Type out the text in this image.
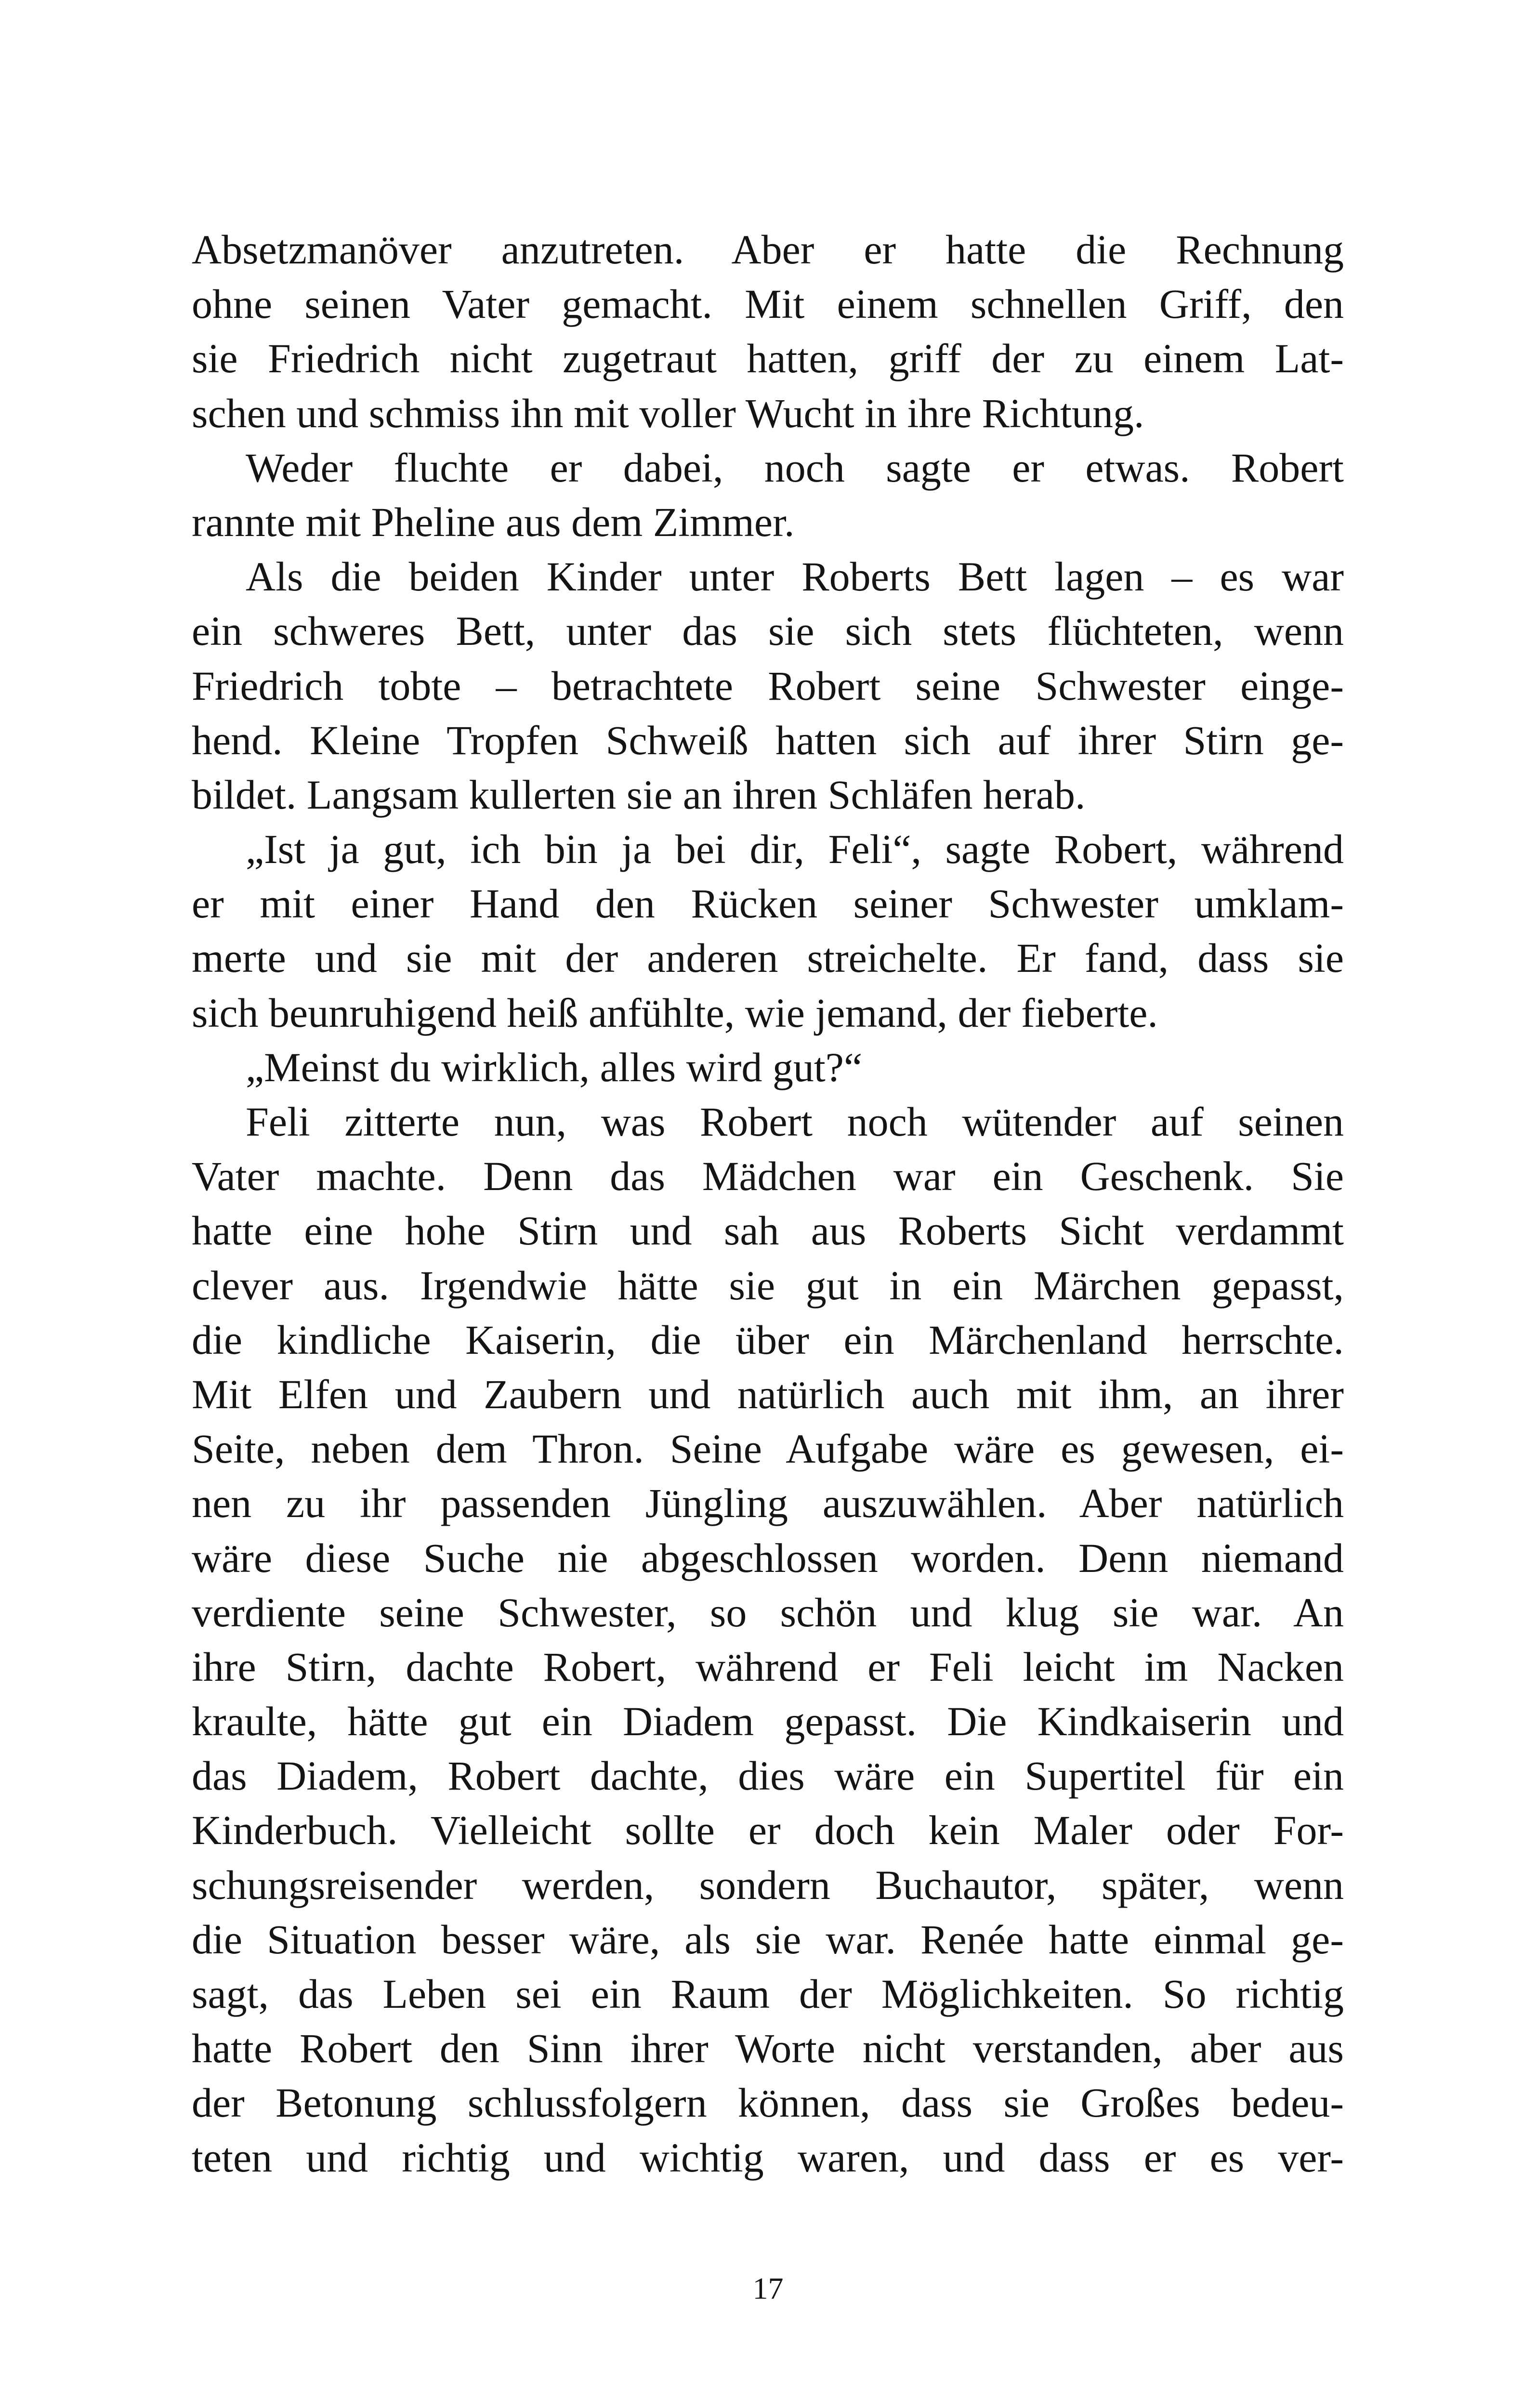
Absetzmanöver anzutreten. Aber er hatte die Rechnung
ohne seinen Vater gemacht. Mit einem schnellen Griff, den
sie Friedrich nicht zugetraut hatten, griff der zu einem Lat-
schen und schmiss ihn mit voller Wucht in ihre Richtung.
Weder fluchte er dabei, noch sagte er etwas. Robert
rannte mit Pheline aus dem Zimmer.
Als die beiden Kinder unter Roberts Bett lagen – es war
ein schweres Bett, unter das sie sich stets flüchteten, wenn
Friedrich tobte – betrachtete Robert seine Schwester einge-
hend. Kleine Tropfen Schweiß hatten sich auf ihrer Stirn ge-
bildet. Langsam kullerten sie an ihren Schläfen herab.
„Ist ja gut, ich bin ja bei dir, Feli“, sagte Robert, während
er mit einer Hand den Rücken seiner Schwester umklam-
merte und sie mit der anderen streichelte. Er fand, dass sie
sich beunruhigend heiß anfühlte, wie jemand, der fieberte.
„Meinst du wirklich, alles wird gut?“
Feli zitterte nun, was Robert noch wütender auf seinen
Vater machte. Denn das Mädchen war ein Geschenk. Sie
hatte eine hohe Stirn und sah aus Roberts Sicht verdammt
clever aus. Irgendwie hätte sie gut in ein Märchen gepasst,
die kindliche Kaiserin, die über ein Märchenland herrschte.
Mit Elfen und Zaubern und natürlich auch mit ihm, an ihrer
Seite, neben dem Thron. Seine Aufgabe wäre es gewesen, ei-
nen zu ihr passenden Jüngling auszuwählen. Aber natürlich
wäre diese Suche nie abgeschlossen worden. Denn niemand
verdiente seine Schwester, so schön und klug sie war. An
ihre Stirn, dachte Robert, während er Feli leicht im Nacken
kraulte, hätte gut ein Diadem gepasst. Die Kindkaiserin und
das Diadem, Robert dachte, dies wäre ein Supertitel für ein
Kinderbuch. Vielleicht sollte er doch kein Maler oder For-
schungsreisender werden, sondern Buchautor, später, wenn
die Situation besser wäre, als sie war. Renée hatte einmal ge-
sagt, das Leben sei ein Raum der Möglichkeiten. So richtig
hatte Robert den Sinn ihrer Worte nicht verstanden, aber aus
der Betonung schlussfolgern können, dass sie Großes bedeu-
teten und richtig und wichtig waren, und dass er es ver-
17
